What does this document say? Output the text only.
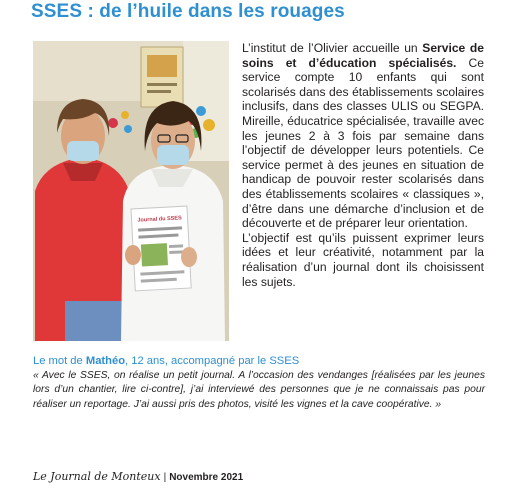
SSES : de l’huile dans les rouages
Journal du SSES

L’institut de l’Olivier accueille un Service de soins et d’éducation spécialisés. Ce service compte 10 enfants qui sont scolarisés dans des établissements scolaires inclusifs, dans des classes ULIS ou SEGPA. Mireille, éducatrice spécialisée, travaille avec les jeunes 2 à 3 fois par semaine dans l’objectif de développer leurs potentiels. Ce service permet à des jeunes en situation de handicap de pouvoir rester scolarisés dans des établissements scolaires « classiques », d’être dans une démarche d’inclusion et de découverte et de préparer leur orientation.

L’objectif est qu’ils puissent exprimer leurs idées et leur créativité, notamment par la réalisation d’un journal dont ils choisissent les sujets.

Le mot de Mathéo, 12 ans, accompagné par le SSES
« Avec le SSES, on réalise un petit journal. A l’occasion des vendanges [réalisées par les jeunes lors d’un chantier, lire ci-contre], j’ai interviewé des personnes que je ne connaissais pas pour réaliser un reportage. J’ai aussi pris des photos, visité les vignes et la cave coopérative. »
Le Journal de Monteux | Novembre 2021
